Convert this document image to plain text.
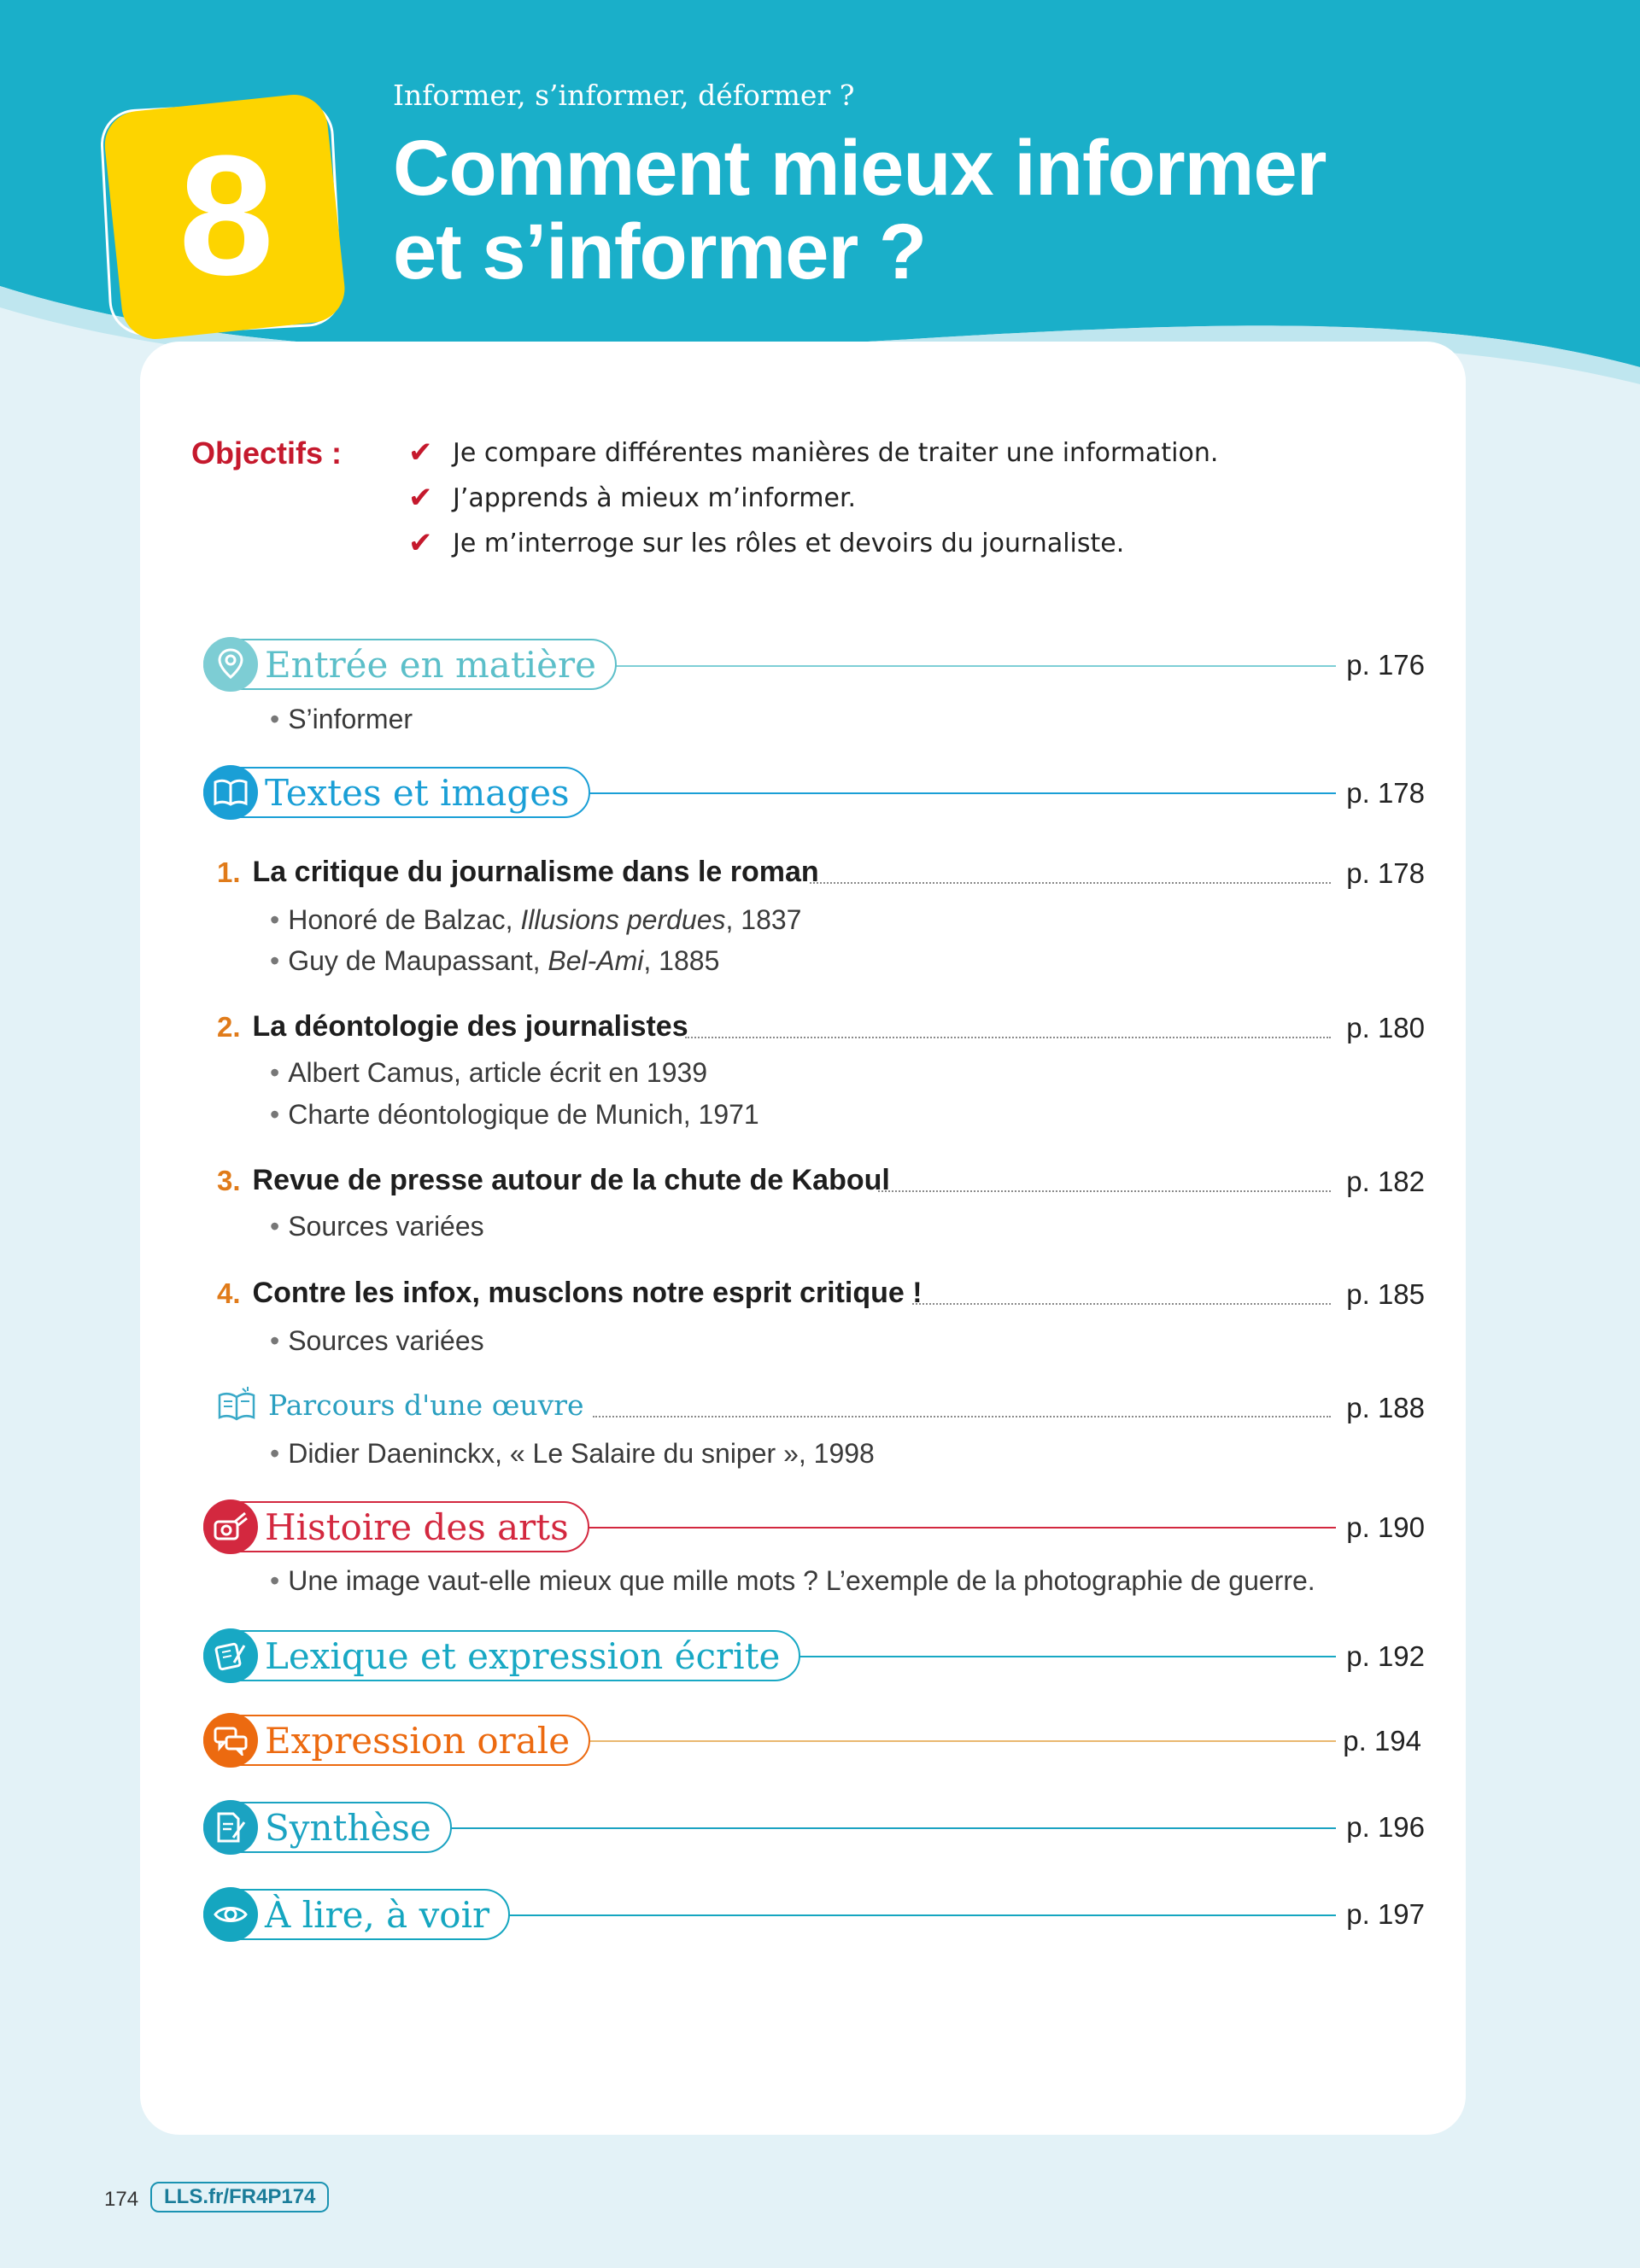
8
Informer, s’informer, déformer ?
Comment mieux informer
et s’informer ?
Objectifs : ✔ Je compare différentes manières de traiter une information.
✔ J’apprends à mieux m’informer.
✔ Je m’interroge sur les rôles et devoirs du journaliste.
Entrée en matière	p. 176
• S’informer
Textes et images	p. 178
1. La critique du journalisme dans le roman	p. 178
• Honoré de Balzac, Illusions perdues, 1837
• Guy de Maupassant, Bel-Ami, 1885
2. La déontologie des journalistes	p. 180
• Albert Camus, article écrit en 1939
• Charte déontologique de Munich, 1971
3. Revue de presse autour de la chute de Kaboul	p. 182
• Sources variées
4. Contre les infox, musclons notre esprit critique !	p. 185
• Sources variées
Parcours d'une œuvre	p. 188
• Didier Daeninckx, « Le Salaire du sniper », 1998
Histoire des arts	p. 190
• Une image vaut-elle mieux que mille mots ? L’exemple de la photographie de guerre.
Lexique et expression écrite	p. 192
Expression orale	p. 194
Synthèse	p. 196
À lire, à voir	p. 197
174	LLS.fr/FR4P174
